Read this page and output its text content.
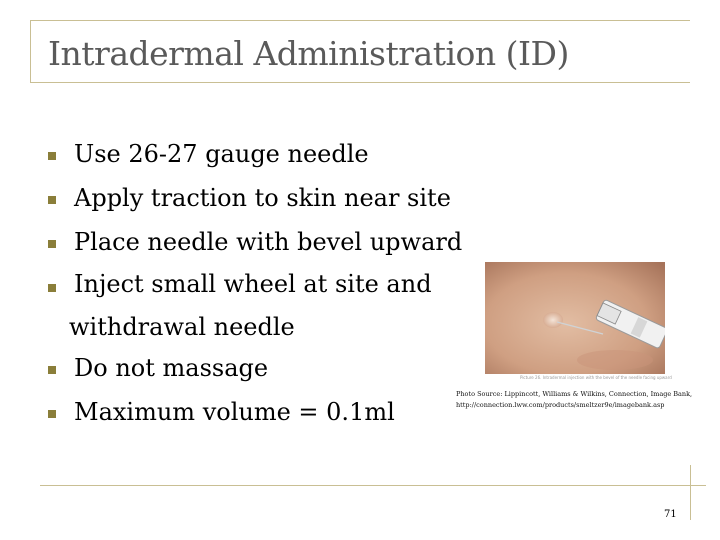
Intradermal Administration (ID)
Use 26-27 gauge needle
Apply traction to skin near site
Place needle with bevel upward
Inject small wheel at site and
withdrawal needle
Do not massage
Maximum volume = 0.1ml
Picture 26. Intradermal injection with the bevel of the needle facing upward
Photo Source: Lippincott, Williams & Wilkins, Connection, Image Bank,
http://connection.lww.com/products/smeltzer9e/imagebank.asp
71
